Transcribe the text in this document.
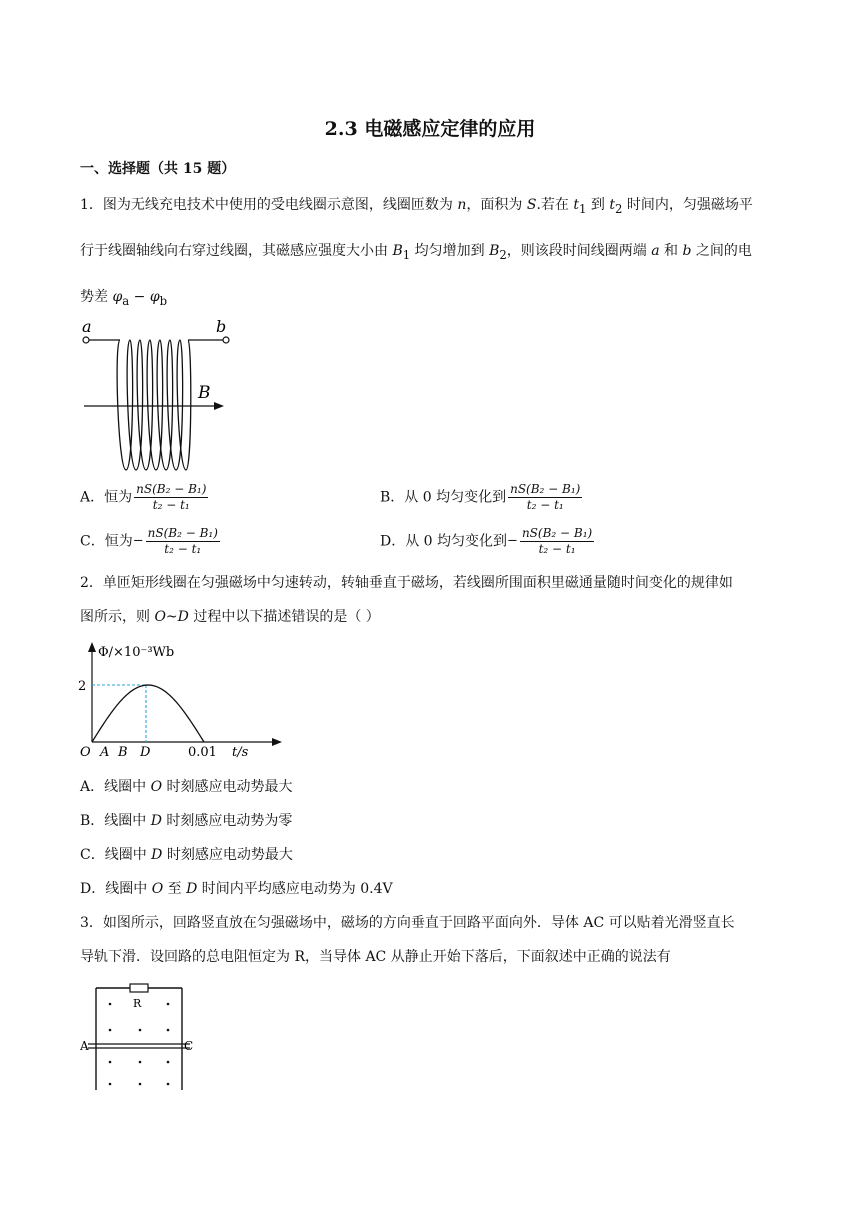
2.3 电磁感应定律的应用
一、选择题（共 15 题）
1．图为无线充电技术中使用的受电线圈示意图，线圈匝数为 n，面积为 S.若在 $t_1$ 到 $t_2$ 时间内，匀强磁场平
行于线圈轴线向右穿过线圈，其磁感应强度大小由 $B_1$ 均匀增加到 $B_2$，则该段时间线圈两端 a 和 b 之间的电
势差 $\varphi_a - \varphi_b$
a	b
B
A．恒为 $\frac{\text{nS(B₂ − B₁)}}{\text{t₂ − t₁}}$	B．从 0 均匀变化到 $\frac{\text{nS(B₂ − B₁)}}{\text{t₂ − t₁}}$
C．恒为− $\frac{\text{nS(B₂ − B₁)}}{\text{t₂ − t₁}}$	D．从 0 均匀变化到− $\frac{\text{nS(B₂ − B₁)}}{\text{t₂ − t₁}}$
2．单匝矩形线圈在匀强磁场中匀速转动，转轴垂直于磁场，若线圈所围面积里磁通量随时间变化的规律如
图所示，则 O~D 过程中以下描述错误的是（ ）
Φ/×10⁻³Wb
2
O A B D	0.01 t/s
A．线圈中 O 时刻感应电动势最大
B．线圈中 D 时刻感应电动势为零
C．线圈中 D 时刻感应电动势最大
D．线圈中 O 至 D 时间内平均感应电动势为 0.4V
3．如图所示，回路竖直放在匀强磁场中，磁场的方向垂直于回路平面向外．导体 AC 可以贴着光滑竖直长
导轨下滑．设回路的总电阻恒定为 R，当导体 AC 从静止开始下落后，下面叙述中正确的说法有
R
A	C
